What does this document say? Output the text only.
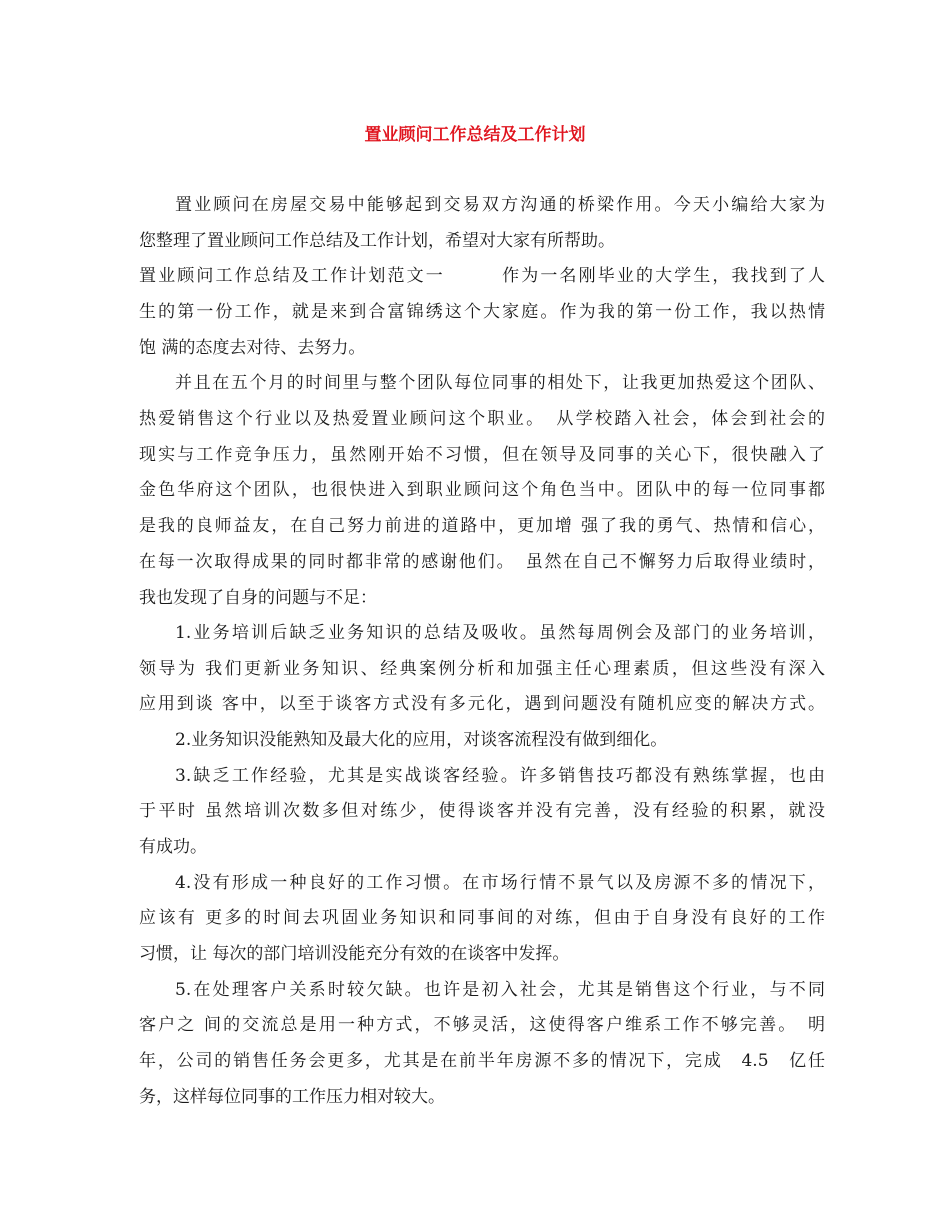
置业顾问工作总结及工作计划
置业顾问在房屋交易中能够起到交易双方沟通的桥梁作用。今天小编给大家为
您整理了置业顾问工作总结及工作计划，希望对大家有所帮助。
置业顾问工作总结及工作计划范文一　　　作为一名刚毕业的大学生，我找到了人
生的第一份工作，就是来到合富锦绣这个大家庭。作为我的第一份工作，我以热情
饱 满的态度去对待、去努力。
并且在五个月的时间里与整个团队每位同事的相处下，让我更加热爱这个团队、
热爱销售这个行业以及热爱置业顾问这个职业。　从学校踏入社会，体会到社会的
现实与工作竞争压力，虽然刚开始不习惯，但在领导及同事的关心下，很快融入了
金色华府这个团队，也很快进入到职业顾问这个角色当中。团队中的每一位同事都
是我的良师益友，在自己努力前进的道路中，更加增 强了我的勇气、热情和信心，
在每一次取得成果的同时都非常的感谢他们。　虽然在自己不懈努力后取得业绩时，
我也发现了自身的问题与不足：
1.业务培训后缺乏业务知识的总结及吸收。虽然每周例会及部门的业务培训，
领导为 我们更新业务知识、经典案例分析和加强主任心理素质，但这些没有深入
应用到谈 客中，以至于谈客方式没有多元化，遇到问题没有随机应变的解决方式。
2.业务知识没能熟知及最大化的应用，对谈客流程没有做到细化。
3.缺乏工作经验，尤其是实战谈客经验。许多销售技巧都没有熟练掌握，也由
于平时 虽然培训次数多但对练少，使得谈客并没有完善，没有经验的积累，就没
有成功。
4.没有形成一种良好的工作习惯。在市场行情不景气以及房源不多的情况下，
应该有 更多的时间去巩固业务知识和同事间的对练，但由于自身没有良好的工作
习惯，让 每次的部门培训没能充分有效的在谈客中发挥。
5.在处理客户关系时较欠缺。也许是初入社会，尤其是销售这个行业，与不同
客户之 间的交流总是用一种方式，不够灵活，这使得客户维系工作不够完善。　明
年，公司的销售任务会更多，尤其是在前半年房源不多的情况下，完成　4.5　亿任
务，这样每位同事的工作压力相对较大。
